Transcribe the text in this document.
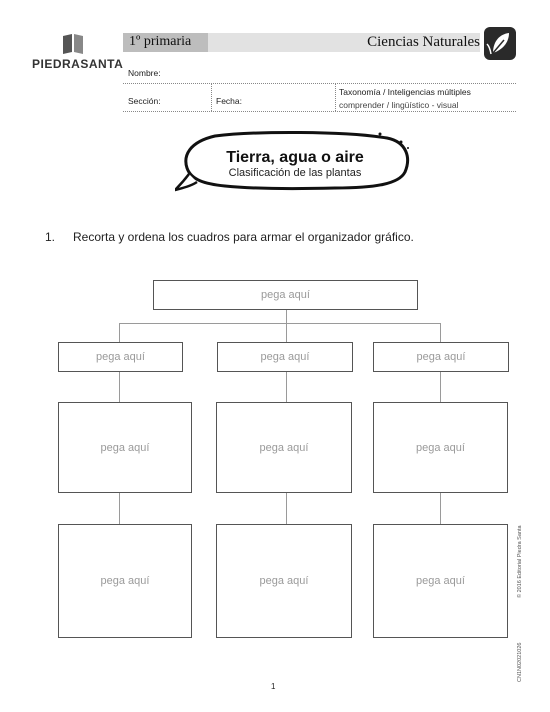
PIEDRASANTA
1º primaria	Ciencias Naturales
Nombre:
Sección:	Fecha:
Taxonomía / Inteligencias múltiples
comprender / lingüístico - visual
Tierra, agua o aire
Clasificación de las plantas
1. Recorta y ordena los cuadros para armar el organizador gráfico.
pega aquí
pega aquí	pega aquí	pega aquí
pega aquí	pega aquí	pega aquí
pega aquí	pega aquí	pega aquí	© 2016 Editorial Piedra Santa
CN1N02021026
1
